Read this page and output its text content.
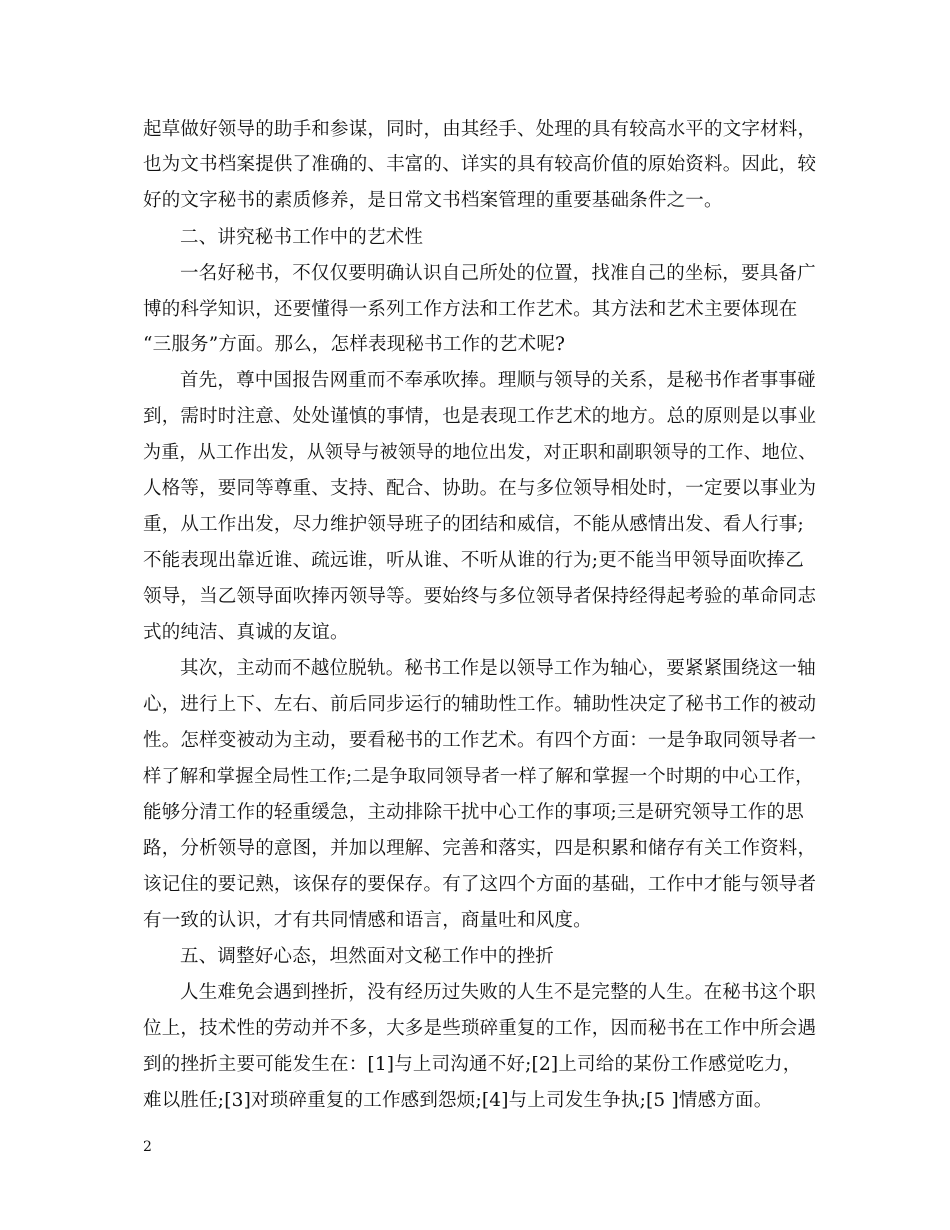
起草做好领导的助手和参谋，同时，由其经手、处理的具有较高水平的文字材料，
也为文书档案提供了准确的、丰富的、详实的具有较高价值的原始资料。因此，较
好的文字秘书的素质修养，是日常文书档案管理的重要基础条件之一。
二、讲究秘书工作中的艺术性
一名好秘书，不仅仅要明确认识自己所处的位置，找准自己的坐标，要具备广
博的科学知识，还要懂得一系列工作方法和工作艺术。其方法和艺术主要体现在
“三服务”方面。那么，怎样表现秘书工作的艺术呢?
首先，尊中国报告网重而不奉承吹捧。理顺与领导的关系，是秘书作者事事碰
到，需时时注意、处处谨慎的事情，也是表现工作艺术的地方。总的原则是以事业
为重，从工作出发，从领导与被领导的地位出发，对正职和副职领导的工作、地位、
人格等，要同等尊重、支持、配合、协助。在与多位领导相处时，一定要以事业为
重，从工作出发，尽力维护领导班子的团结和威信，不能从感情出发、看人行事;
不能表现出靠近谁、疏远谁，听从谁、不听从谁的行为;更不能当甲领导面吹捧乙
领导，当乙领导面吹捧丙领导等。要始终与多位领导者保持经得起考验的革命同志
式的纯洁、真诚的友谊。
其次，主动而不越位脱轨。秘书工作是以领导工作为轴心，要紧紧围绕这一轴
心，进行上下、左右、前后同步运行的辅助性工作。辅助性决定了秘书工作的被动
性。怎样变被动为主动，要看秘书的工作艺术。有四个方面：一是争取同领导者一
样了解和掌握全局性工作;二是争取同领导者一样了解和掌握一个时期的中心工作，
能够分清工作的轻重缓急，主动排除干扰中心工作的事项;三是研究领导工作的思
路，分析领导的意图，并加以理解、完善和落实，四是积累和储存有关工作资料，
该记住的要记熟，该保存的要保存。有了这四个方面的基础，工作中才能与领导者
有一致的认识，才有共同情感和语言，商量吐和风度。
五、调整好心态，坦然面对文秘工作中的挫折
人生难免会遇到挫折，没有经历过失败的人生不是完整的人生。在秘书这个职
位上，技术性的劳动并不多，大多是些琐碎重复的工作，因而秘书在工作中所会遇
到的挫折主要可能发生在：[1]与上司沟通不好;[2]上司给的某份工作感觉吃力，
难以胜任;[3]对琐碎重复的工作感到怨烦;[4]与上司发生争执;[5 ]情感方面。
2
